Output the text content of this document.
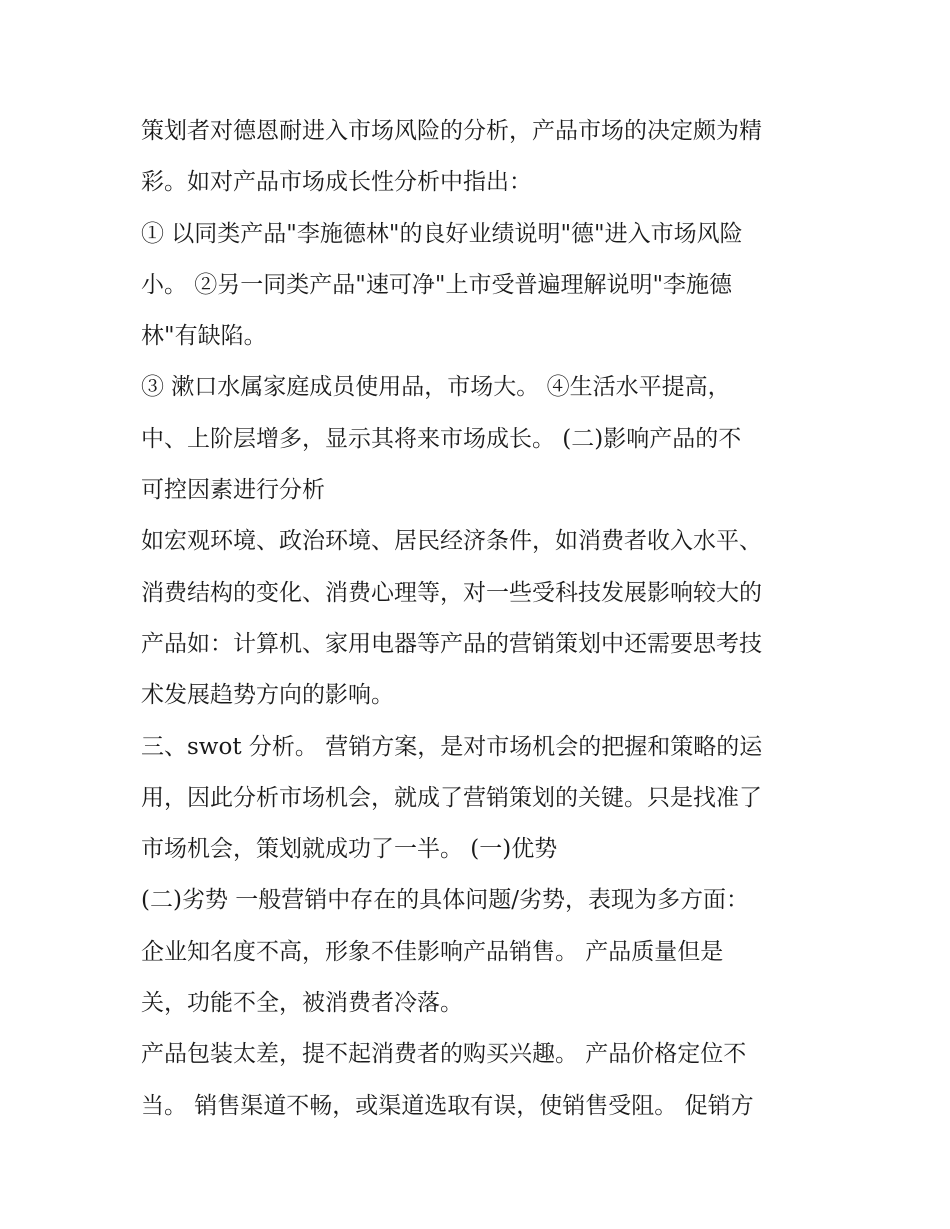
策划者对德恩耐进入市场风险的分析，产品市场的决定颇为精
彩。如对产品市场成长性分析中指出：
① 以同类产品"李施德林"的良好业绩说明"德"进入市场风险
小。 ②另一同类产品"速可净"上市受普遍理解说明"李施德
林"有缺陷。
③ 漱口水属家庭成员使用品，市场大。 ④生活水平提高，
中、上阶层增多，显示其将来市场成长。 (二)影响产品的不
可控因素进行分析
如宏观环境、政治环境、居民经济条件，如消费者收入水平、
消费结构的变化、消费心理等，对一些受科技发展影响较大的
产品如：计算机、家用电器等产品的营销策划中还需要思考技
术发展趋势方向的影响。
三、swot 分析。 营销方案，是对市场机会的把握和策略的运
用，因此分析市场机会，就成了营销策划的关键。只是找准了
市场机会，策划就成功了一半。 (一)优势
(二)劣势 一般营销中存在的具体问题/劣势，表现为多方面：
企业知名度不高，形象不佳影响产品销售。 产品质量但是
关，功能不全，被消费者冷落。
产品包装太差，提不起消费者的购买兴趣。 产品价格定位不
当。 销售渠道不畅，或渠道选取有误，使销售受阻。 促销方
